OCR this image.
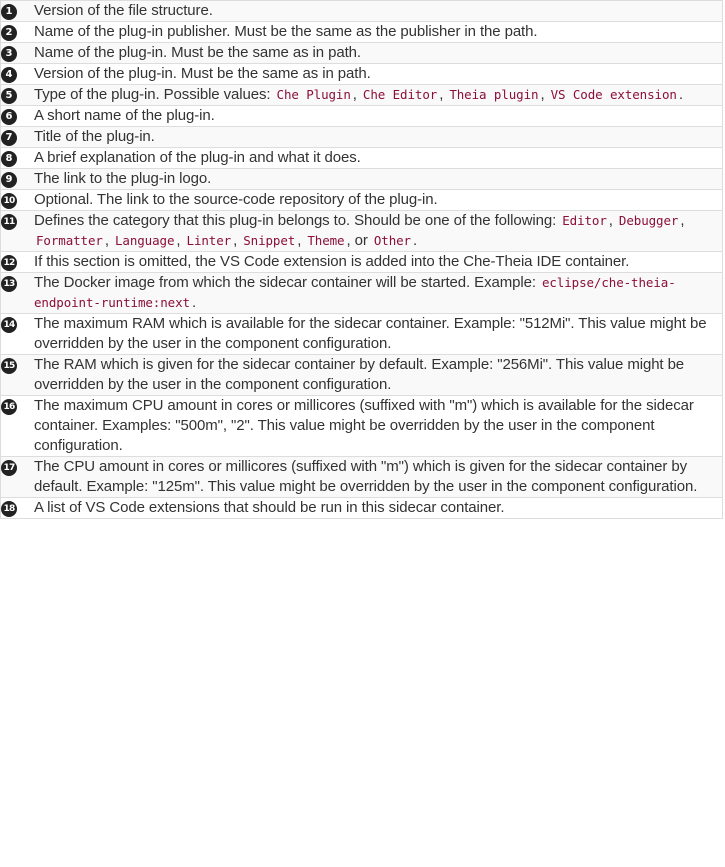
1	Version of the file structure.
2	Name of the plug-in publisher. Must be the same as the publisher in the path.
3	Name of the plug-in. Must be the same as in path.
4	Version of the plug-in. Must be the same as in path.
5	Type of the plug-in. Possible values: Che Plugin , Che Editor , Theia plugin , VS Code extension .
6	A short name of the plug-in.
7	Title of the plug-in.
8	A brief explanation of the plug-in and what it does.
9	The link to the plug-in logo.
10	Optional. The link to the source-code repository of the plug-in.
11	Defines the category that this plug-in belongs to. Should be one of the following: Editor , Debugger , Formatter , Language , Linter , Snippet , Theme , or Other .
12	If this section is omitted, the VS Code extension is added into the Che-Theia IDE container.
13	The Docker image from which the sidecar container will be started. Example: eclipse/che-theia-endpoint-runtime:next .
14	The maximum RAM which is available for the sidecar container. Example: "512Mi". This value might be overridden by the user in the component configuration.
15	The RAM which is given for the sidecar container by default. Example: "256Mi". This value might be overridden by the user in the component configuration.
16	The maximum CPU amount in cores or millicores (suffixed with "m") which is available for the sidecar container. Examples: "500m", "2". This value might be overridden by the user in the component configuration.
17	The CPU amount in cores or millicores (suffixed with "m") which is given for the sidecar container by default. Example: "125m". This value might be overridden by the user in the component configuration.
18	A list of VS Code extensions that should be run in this sidecar container.
